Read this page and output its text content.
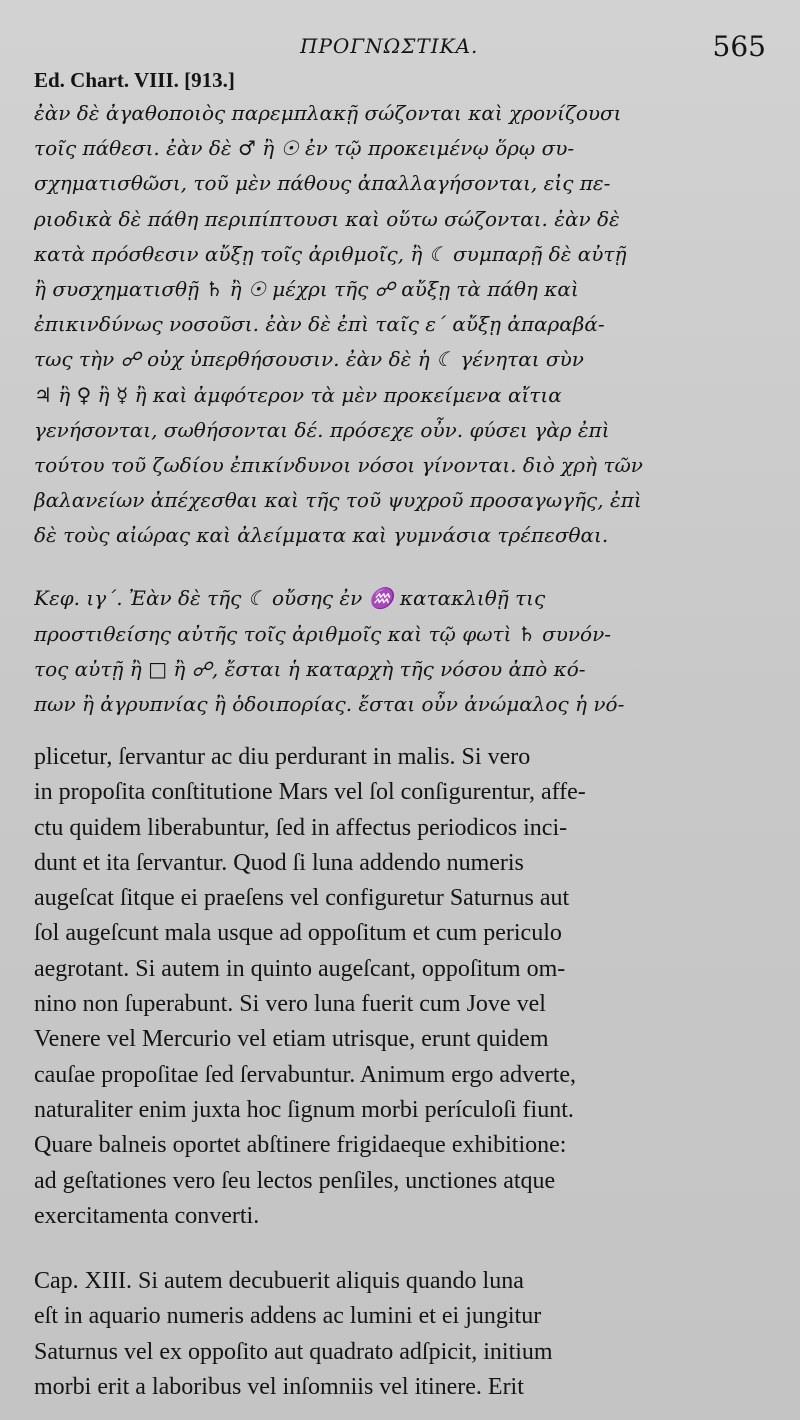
ΠΡΟΓΝΩΣΤΙΚΑ.	565
Ed. Chart. VIII. [913.]
ἐὰν δὲ ἀγαθοποιὸς παρεμπλακῇ σώζονται καὶ χρονίζουσι
τοῖς πάθεσι. ἐὰν δὲ ♂ ἢ ☉ ἐν τῷ προκειμένῳ ὅρῳ συ-
σχηματισθῶσι, τοῦ μὲν πάθους ἀπαλλαγήσονται, εἰς πε-
ριοδικὰ δὲ πάθη περιπίπτουσι καὶ οὕτω σώζονται. ἐὰν δὲ
κατὰ πρόσθεσιν αὔξῃ τοῖς ἀριθμοῖς, ἢ ☾ συμπαρῇ δὲ αὐτῇ
ἢ συσχηματισθῇ ♄ ἢ ☉ μέχρι τῆς ☍ αὔξῃ τὰ πάθη καὶ
ἐπικινδύνως νοσοῦσι. ἐὰν δὲ ἐπὶ ταῖς ε΄ αὔξῃ ἀπαραβά-
τως τὴν ☍ οὐχ ὑπερθήσουσιν. ἐὰν δὲ ἡ ☾ γένηται σὺν
♃ ἢ ♀ ἢ ☿ ἢ καὶ ἀμφότερον τὰ μὲν προκείμενα αἴτια
γενήσονται, σωθήσονται δέ. πρόσεχε οὖν. φύσει γὰρ ἐπὶ
τούτου τοῦ ζωδίου ἐπικίνδυνοι νόσοι γίνονται. διὸ χρὴ τῶν
βαλανείων ἀπέχεσθαι καὶ τῆς τοῦ ψυχροῦ προσαγωγῆς, ἐπὶ
δὲ τοὺς αἰώρας καὶ ἀλείμματα καὶ γυμνάσια τρέπεσθαι.
Κεφ. ιγ΄. Ἐὰν δὲ τῆς ☾ οὔσης ἐν ♒ κατακλιθῇ τις
προστιθείσης αὐτῆς τοῖς ἀριθμοῖς καὶ τῷ φωτὶ ♄ συνόν-
τος αὐτῇ ἢ □ ἢ ☍, ἔσται ἡ καταρχὴ τῆς νόσου ἀπὸ κό-
πων ἢ ἀγρυπνίας ἢ ὁδοιπορίας. ἔσται οὖν ἀνώμαλος ἡ νό-
plicetur, ſervantur ac diu perdurant in malis. Si vero
in propoſita conſtitutione Mars vel ſol conſigurentur, affe-
ctu quidem liberabuntur, ſed in affectus periodicos inci-
dunt et ita ſervantur. Quod ſi luna addendo numeris
augeſcat ſitque ei praeſens vel configuretur Saturnus aut
ſol augeſcunt mala usque ad oppoſitum et cum periculo
aegrotant. Si autem in quinto augeſcant, oppoſitum om-
nino non ſuperabunt. Si vero luna fuerit cum Jove vel
Venere vel Mercurio vel etiam utrisque, erunt quidem
cauſae propoſitae ſed ſervabuntur. Animum ergo adverte,
naturaliter enim juxta hoc ſignum morbi perículoſi fiunt.
Quare balneis oportet abſtinere frigidaeque exhibitione:
ad geſtationes vero ſeu lectos penſiles, unctiones atque
exercitamenta converti.
Cap. XIII. Si autem decubuerit aliquis quando luna
eſt in aquario numeris addens ac lumini et ei jungitur
Saturnus vel ex oppoſito aut quadrato adſpicit, initium
morbi erit a laboribus vel inſomniis vel itinere. Erit
